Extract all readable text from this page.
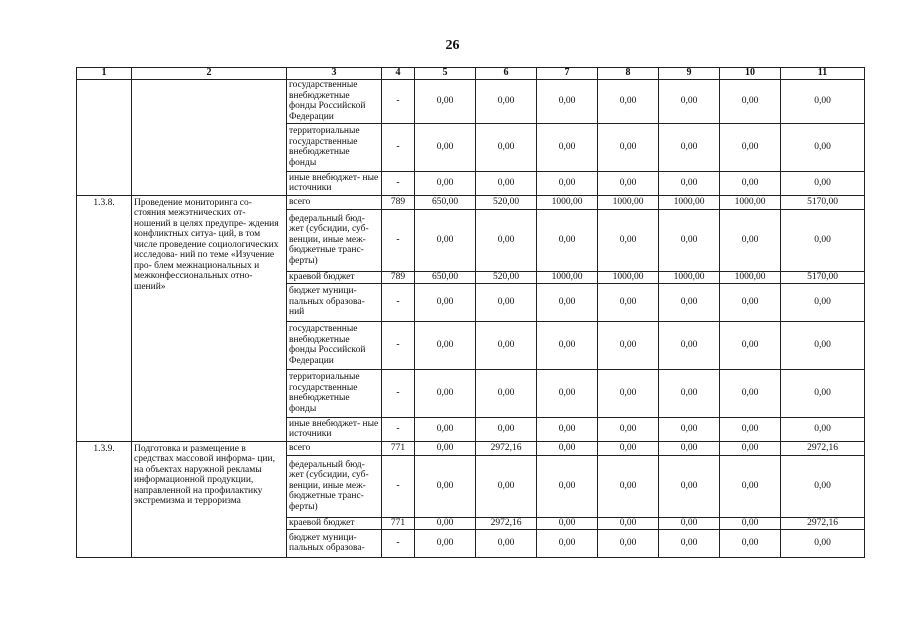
26
1	2	3	4	5	6	7	8	9	10	11
		государственные внебюджетные фонды Российской Федерации	-	0,00	0,00	0,00	0,00	0,00	0,00	0,00
		территориальные государственные внебюджетные фонды	-	0,00	0,00	0,00	0,00	0,00	0,00	0,00
		иные внебюджет- ные источники	-	0,00	0,00	0,00	0,00	0,00	0,00	0,00
1.3.8.	Проведение мониторинга со- стояния межэтнических от- ношений в целях предупре- ждения конфликтных ситуа- ций, в том числе проведение социологических исследова- ний по теме «Изучение про- блем межнациональных и межконфессиональных отно- шений»	всего	789	650,00	520,00	1000,00	1000,00	1000,00	1000,00	5170,00
		федеральный бюд- жет (субсидии, суб- венции, иные меж- бюджетные транс- ферты)	-	0,00	0,00	0,00	0,00	0,00	0,00	0,00
		краевой бюджет	789	650,00	520,00	1000,00	1000,00	1000,00	1000,00	5170,00
		бюджет муници- пальных образова- ний	-	0,00	0,00	0,00	0,00	0,00	0,00	0,00
		государственные внебюджетные фонды Российской Федерации	-	0,00	0,00	0,00	0,00	0,00	0,00	0,00
		территориальные государственные внебюджетные фонды	-	0,00	0,00	0,00	0,00	0,00	0,00	0,00
		иные внебюджет- ные источники	-	0,00	0,00	0,00	0,00	0,00	0,00	0,00
1.3.9.	Подготовка и размещение в средствах массовой информа- ции, на объектах наружной рекламы информационной продукции, направленной на профилактику экстремизма и терроризма	всего	771	0,00	2972,16	0,00	0,00	0,00	0,00	2972,16
		федеральный бюд- жет (субсидии, суб- венции, иные меж- бюджетные транс- ферты)	-	0,00	0,00	0,00	0,00	0,00	0,00	0,00
		краевой бюджет	771	0,00	2972,16	0,00	0,00	0,00	0,00	2972,16
		бюджет муници- пальных образова-	-	0,00	0,00	0,00	0,00	0,00	0,00	0,00
